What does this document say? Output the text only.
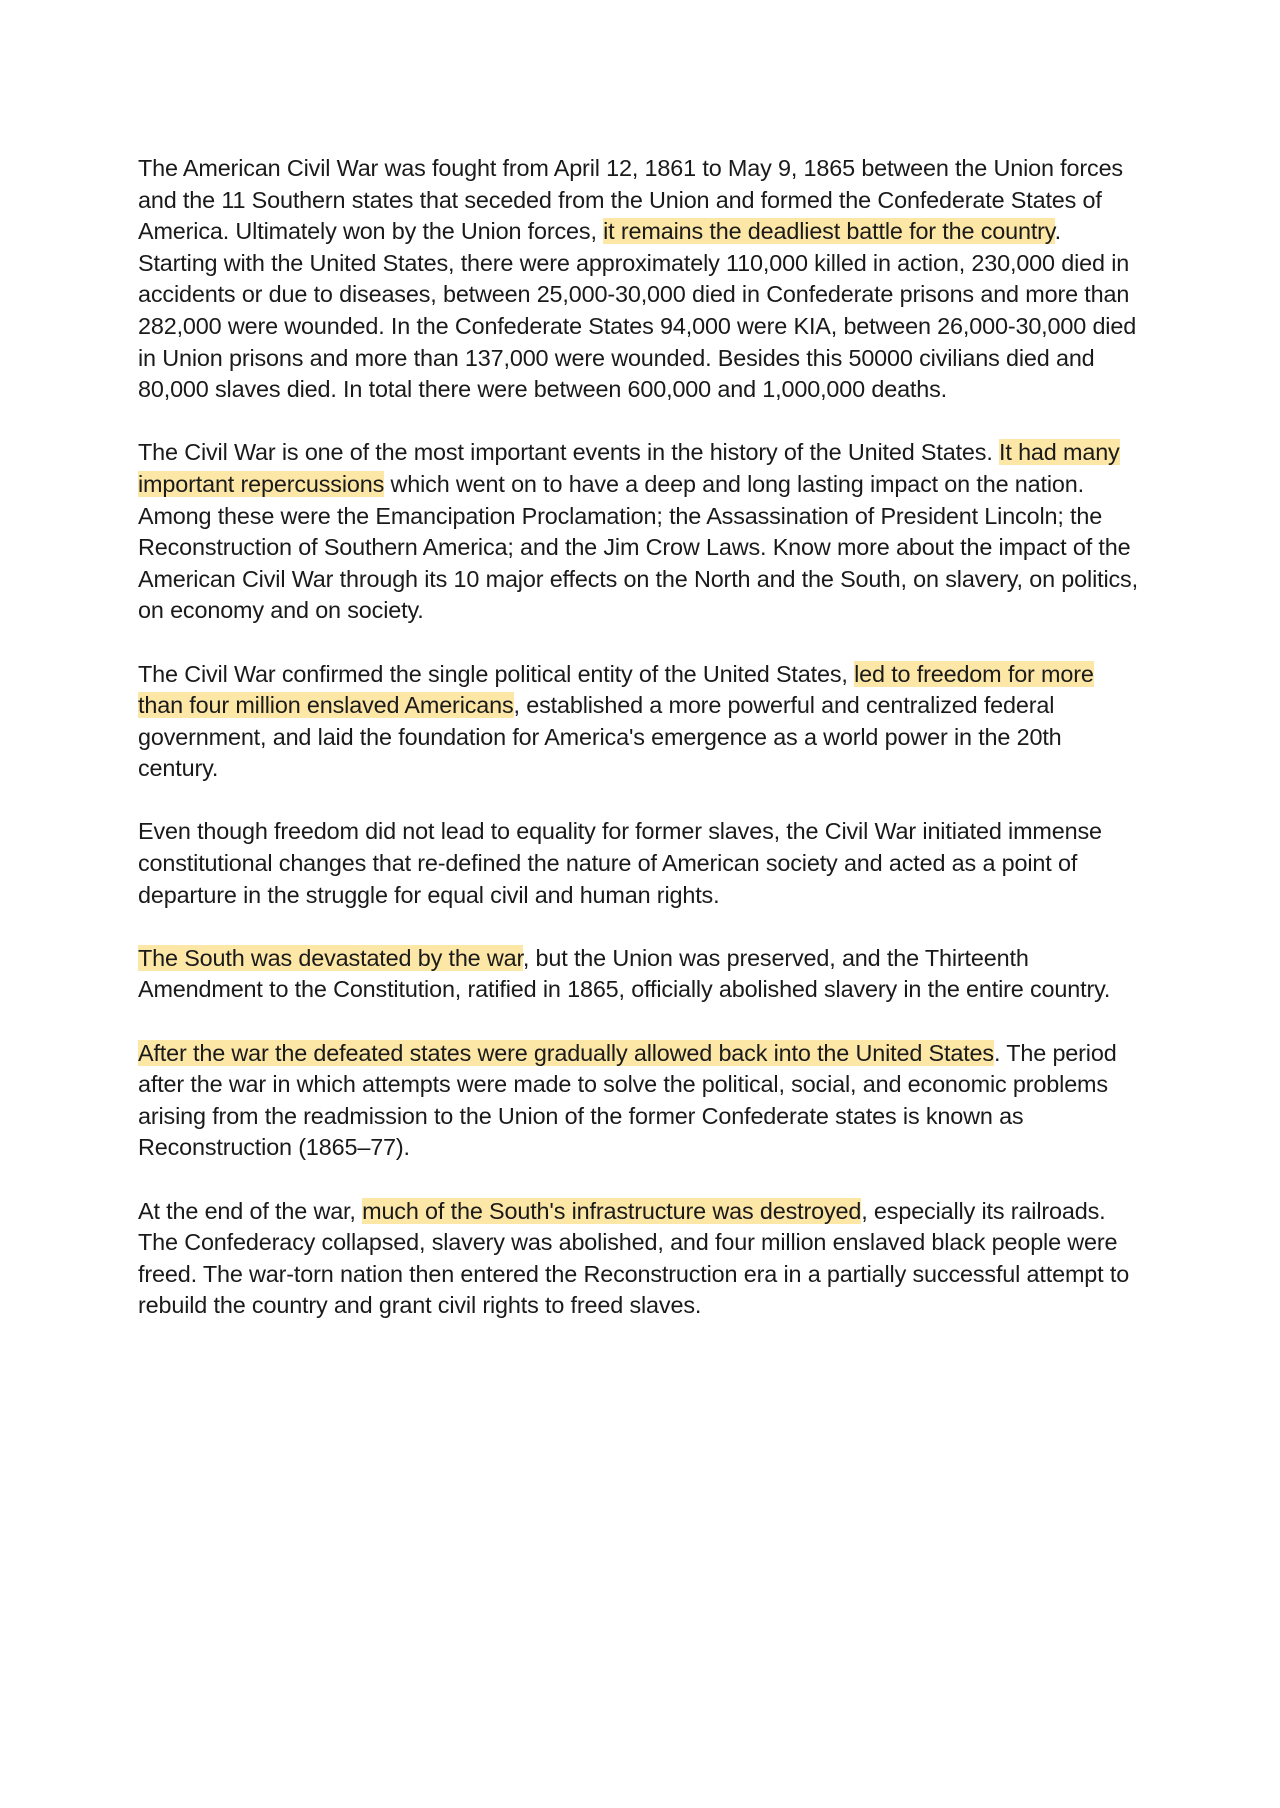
The American Civil War was fought from April 12, 1861 to May 9, 1865 between the Union forces and the 11 Southern states that seceded from the Union and formed the Confederate States of America. Ultimately won by the Union forces, it remains the deadliest battle for the country. Starting with the United States, there were approximately 110,000 killed in action, 230,000 died in accidents or due to diseases, between 25,000-30,000 died in Confederate prisons and more than 282,000 were wounded. In the Confederate States 94,000 were KIA, between 26,000-30,000 died in Union prisons and more than 137,000 were wounded. Besides this 50000 civilians died and 80,000 slaves died. In total there were between 600,000 and 1,000,000 deaths.

The Civil War is one of the most important events in the history of the United States. It had many important repercussions which went on to have a deep and long lasting impact on the nation. Among these were the Emancipation Proclamation; the Assassination of President Lincoln; the Reconstruction of Southern America; and the Jim Crow Laws. Know more about the impact of the American Civil War through its 10 major effects on the North and the South, on slavery, on politics, on economy and on society.

The Civil War confirmed the single political entity of the United States, led to freedom for more than four million enslaved Americans, established a more powerful and centralized federal government, and laid the foundation for America's emergence as a world power in the 20th century.

Even though freedom did not lead to equality for former slaves, the Civil War initiated immense constitutional changes that re-defined the nature of American society and acted as a point of departure in the struggle for equal civil and human rights.

The South was devastated by the war, but the Union was preserved, and the Thirteenth Amendment to the Constitution, ratified in 1865, officially abolished slavery in the entire country.

After the war the defeated states were gradually allowed back into the United States. The period after the war in which attempts were made to solve the political, social, and economic problems arising from the readmission to the Union of the former Confederate states is known as Reconstruction (1865–77).

At the end of the war, much of the South's infrastructure was destroyed, especially its railroads. The Confederacy collapsed, slavery was abolished, and four million enslaved black people were freed. The war-torn nation then entered the Reconstruction era in a partially successful attempt to rebuild the country and grant civil rights to freed slaves.
